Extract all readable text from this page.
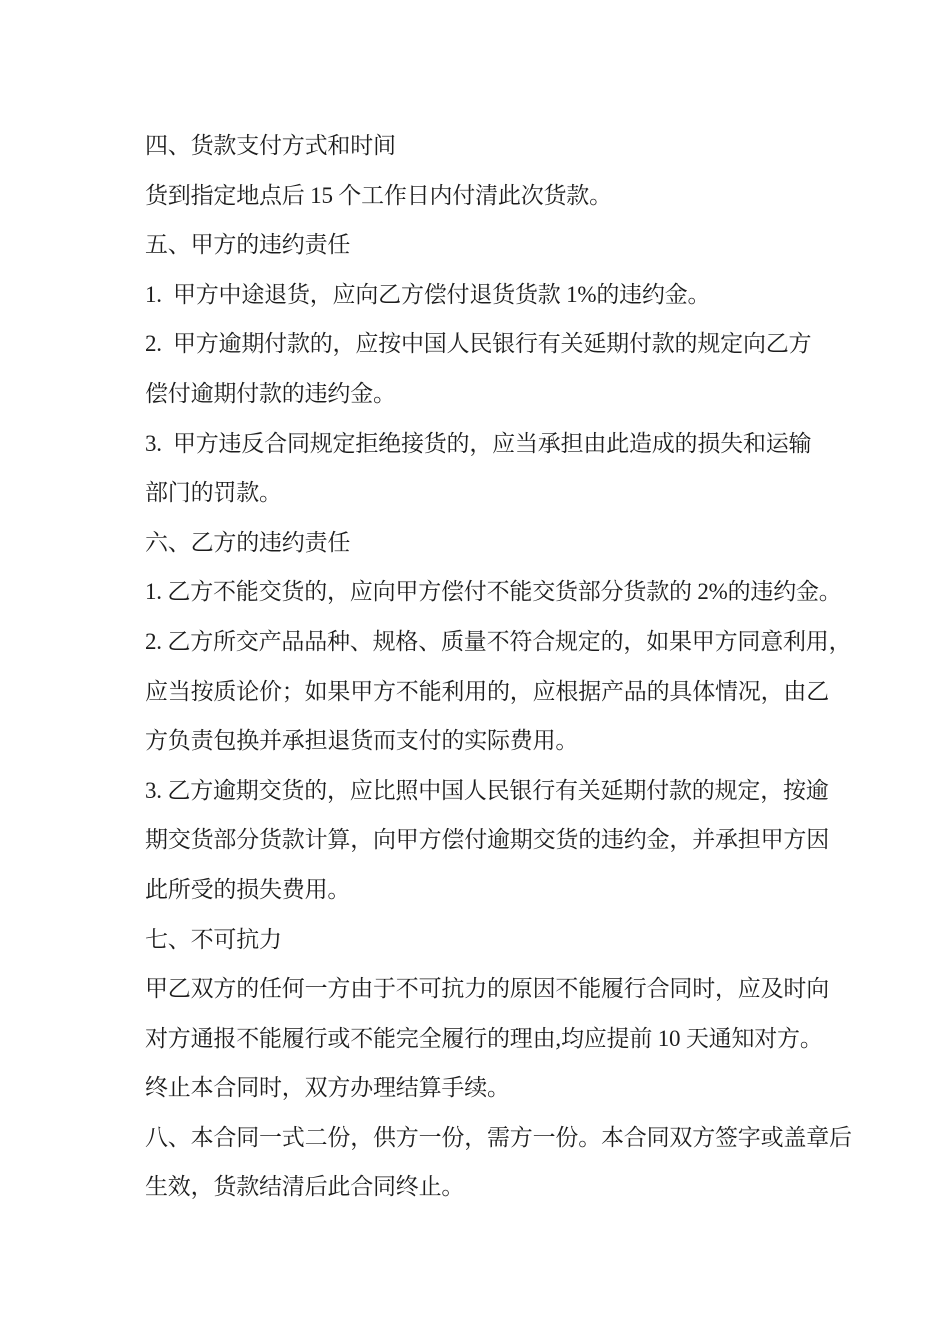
四、货款支付方式和时间
货到指定地点后 15 个工作日内付清此次货款。
五、甲方的违约责任
1.  甲方中途退货，应向乙方偿付退货货款 1%的违约金。
2.  甲方逾期付款的，应按中国人民银行有关延期付款的规定向乙方
偿付逾期付款的违约金。
3.  甲方违反合同规定拒绝接货的，应当承担由此造成的损失和运输
部门的罚款。
六、乙方的违约责任
1. 乙方不能交货的，应向甲方偿付不能交货部分货款的 2%的违约金。
2. 乙方所交产品品种、规格、质量不符合规定的，如果甲方同意利用，
应当按质论价；如果甲方不能利用的，应根据产品的具体情况，由乙
方负责包换并承担退货而支付的实际费用。
3. 乙方逾期交货的，应比照中国人民银行有关延期付款的规定，按逾
期交货部分货款计算，向甲方偿付逾期交货的违约金，并承担甲方因
此所受的损失费用。
七、不可抗力
甲乙双方的任何一方由于不可抗力的原因不能履行合同时，应及时向
对方通报不能履行或不能完全履行的理由,均应提前 10 天通知对方。
终止本合同时，双方办理结算手续。
八、本合同一式二份，供方一份，需方一份。本合同双方签字或盖章后
生效，货款结清后此合同终止。
